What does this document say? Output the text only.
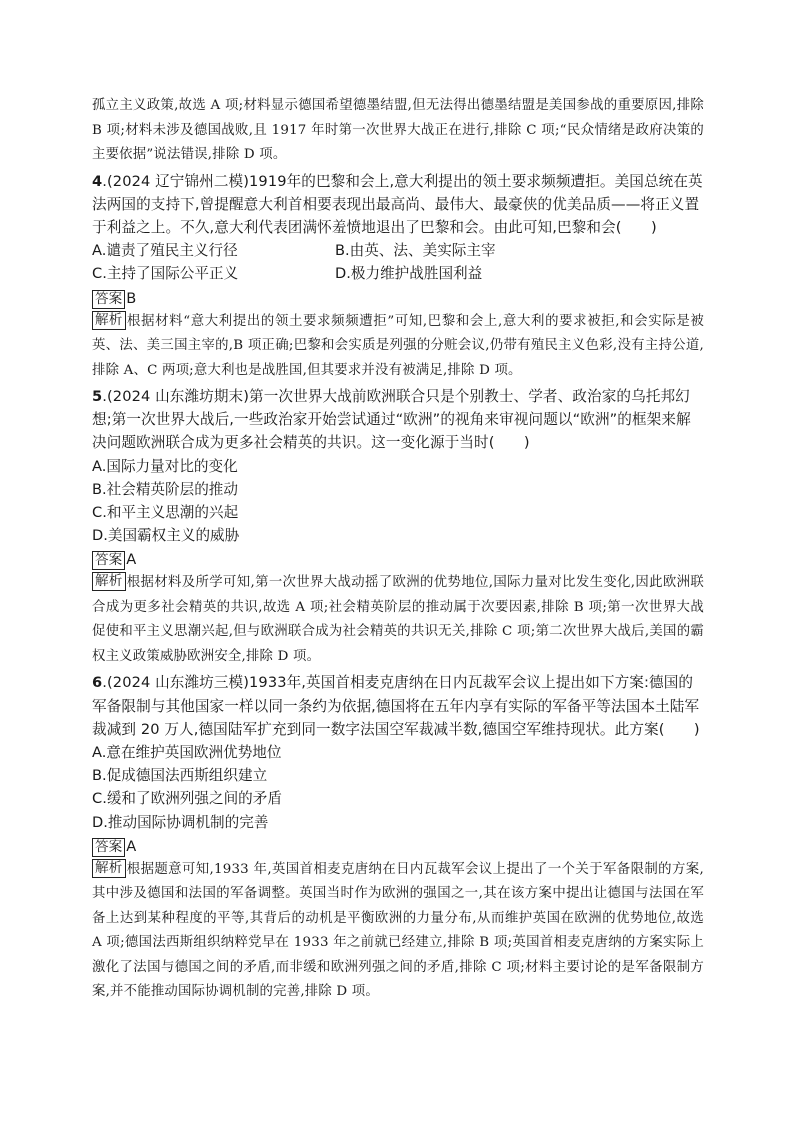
孤立主义政策,故选 A 项;材料显示德国希望德墨结盟,但无法得出德墨结盟是美国参战的重要原因,排除 B 项;材料未涉及德国战败,且 1917 年时第一次世界大战正在进行,排除 C 项;“民众情绪是政府决策的主要依据”说法错误,排除 D 项。

4.(2024 辽宁锦州二模)1919年的巴黎和会上,意大利提出的领土要求频频遭拒。美国总统在英法两国的支持下,曾提醒意大利首相要表现出最高尚、最伟大、最豪侠的优美品质——将正义置于利益之上。不久,意大利代表团满怀羞愤地退出了巴黎和会。由此可知,巴黎和会(　　)

A.谴责了殖民主义行径	B.由英、法、美实际主宰
C.主持了国际公平正义	D.极力维护战胜国利益
答案 B

解析 根据材料“意大利提出的领土要求频频遭拒”可知,巴黎和会上,意大利的要求被拒,和会实际是被英、法、美三国主宰的,B 项正确;巴黎和会实质是列强的分赃会议,仍带有殖民主义色彩,没有主持公道,排除 A、C 两项;意大利也是战胜国,但其要求并没有被满足,排除 D 项。

5.(2024 山东潍坊期末)第一次世界大战前欧洲联合只是个别教士、学者、政治家的乌托邦幻想;第一次世界大战后,一些政治家开始尝试通过“欧洲”的视角来审视问题以“欧洲”的框架来解决问题欧洲联合成为更多社会精英的共识。这一变化源于当时(　　)

A.国际力量对比的变化
B.社会精英阶层的推动
C.和平主义思潮的兴起
D.美国霸权主义的威胁
答案 A

解析 根据材料及所学可知,第一次世界大战动摇了欧洲的优势地位,国际力量对比发生变化,因此欧洲联合成为更多社会精英的共识,故选 A 项;社会精英阶层的推动属于次要因素,排除 B 项;第一次世界大战促使和平主义思潮兴起,但与欧洲联合成为社会精英的共识无关,排除 C 项;第二次世界大战后,美国的霸权主义政策威胁欧洲安全,排除 D 项。

6.(2024 山东潍坊三模)1933年,英国首相麦克唐纳在日内瓦裁军会议上提出如下方案:德国的军备限制与其他国家一样以同一条约为依据,德国将在五年内享有实际的军备平等法国本土陆军裁减到 20 万人,德国陆军扩充到同一数字法国空军裁减半数,德国空军维持现状。此方案(　　)

A.意在维护英国欧洲优势地位
B.促成德国法西斯组织建立
C.缓和了欧洲列强之间的矛盾
D.推动国际协调机制的完善
答案 A

解析 根据题意可知,1933 年,英国首相麦克唐纳在日内瓦裁军会议上提出了一个关于军备限制的方案,其中涉及德国和法国的军备调整。英国当时作为欧洲的强国之一,其在该方案中提出让德国与法国在军备上达到某种程度的平等,其背后的动机是平衡欧洲的力量分布,从而维护英国在欧洲的优势地位,故选 A 项;德国法西斯组织纳粹党早在 1933 年之前就已经建立,排除 B 项;英国首相麦克唐纳的方案实际上激化了法国与德国之间的矛盾,而非缓和欧洲列强之间的矛盾,排除 C 项;材料主要讨论的是军备限制方案,并不能推动国际协调机制的完善,排除 D 项。
